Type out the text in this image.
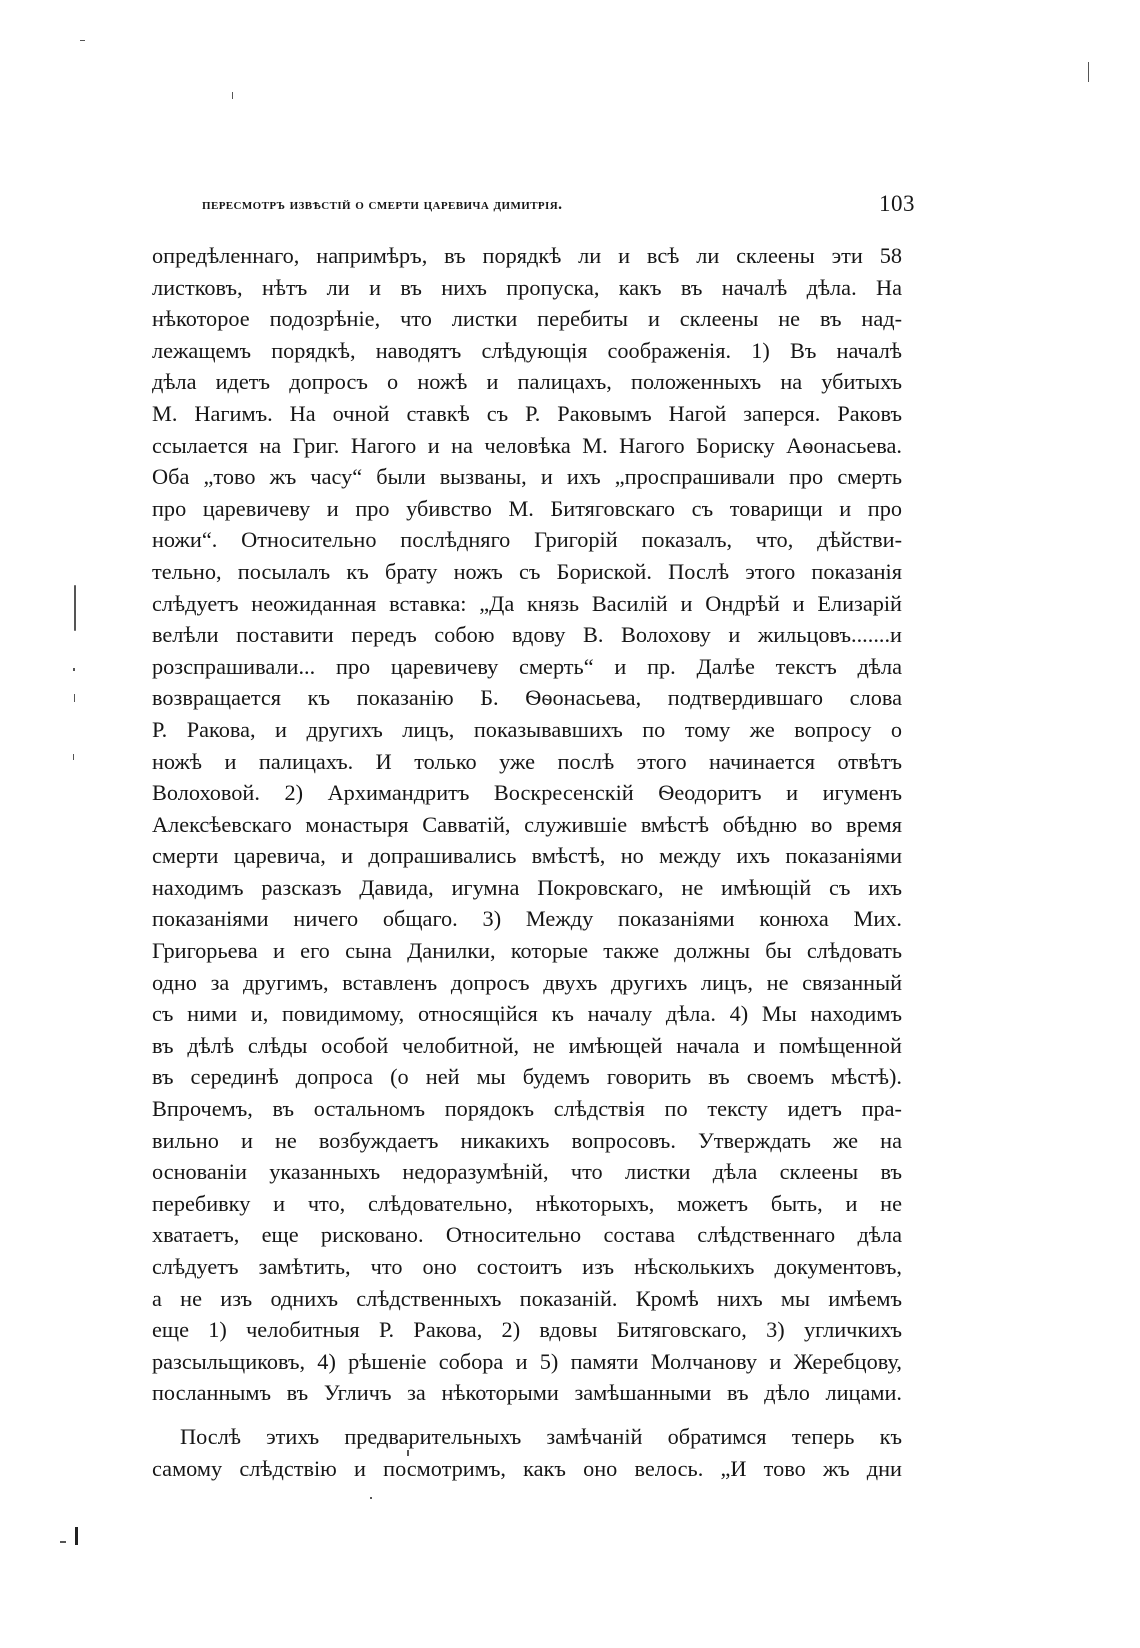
пересмотръ извѣстій о смерти царевича димитрія.	103
опредѣленнаго, напримѣръ, въ порядкѣ ли и всѣ ли склеены эти 58
листковъ, нѣтъ ли и въ нихъ пропуска, какъ въ началѣ дѣла. На
нѣкоторое подозрѣніе, что листки перебиты и склеены не въ над-
лежащемъ порядкѣ, наводятъ слѣдующія соображенія. 1) Въ началѣ
дѣла идетъ допросъ о ножѣ и палицахъ, положенныхъ на убитыхъ
М. Нагимъ. На очной ставкѣ съ Р. Раковымъ Нагой заперся. Раковъ
ссылается на Григ. Нагого и на человѣка М. Нагого Бориску Аѳонасьева.
Оба „тово жъ часу“ были вызваны, и ихъ „проспрашивали про смерть
про царевичеву и про убивство М. Битяговскаго съ товарищи и про
ножи“. Относительно послѣдняго Григорій показалъ, что, дѣйстви-
тельно, посылалъ къ брату ножъ съ Бориской. Послѣ этого показанія
слѣдуетъ неожиданная вставка: „Да князь Василій и Ондрѣй и Елизарій
велѣли поставити передъ собою вдову В. Волохову и жильцовъ.......и
розспрашивали... про царевичеву смерть“ и пр. Далѣе текстъ дѣла
возвращается къ показанію Б. Ѳѳонасьева, подтвердившаго слова
Р. Ракова, и другихъ лицъ, показывавшихъ по тому же вопросу о
ножѣ и палицахъ. И только уже послѣ этого начинается отвѣтъ
Волоховой. 2) Архимандритъ Воскресенскій Ѳеодоритъ и игуменъ
Алексѣевскаго монастыря Савватій, служившіе вмѣстѣ обѣдню во время
смерти царевича, и допрашивались вмѣстѣ, но между ихъ показаніями
находимъ разсказъ Давида, игумна Покровскаго, не имѣющій съ ихъ
показаніями ничего общаго. 3) Между показаніями конюха Мих.
Григорьева и его сына Данилки, которые также должны бы слѣдовать
одно за другимъ, вставленъ допросъ двухъ другихъ лицъ, не связанный
съ ними и, повидимому, относящійся къ началу дѣла. 4) Мы находимъ
въ дѣлѣ слѣды особой челобитной, не имѣющей начала и помѣщенной
въ серединѣ допроса (о ней мы будемъ говорить въ своемъ мѣстѣ).
Впрочемъ, въ остальномъ порядокъ слѣдствія по тексту идетъ пра-
вильно и не возбуждаетъ никакихъ вопросовъ. Утверждать же на
основаніи указанныхъ недоразумѣній, что листки дѣла склеены въ
перебивку и что, слѣдовательно, нѣкоторыхъ, можетъ быть, и не
хватаетъ, еще рисковано. Относительно состава слѣдственнаго дѣла
слѣдуетъ замѣтить, что оно состоитъ изъ нѣсколькихъ документовъ,
а не изъ однихъ слѣдственныхъ показаній. Кромѣ нихъ мы имѣемъ
еще 1) челобитныя Р. Ракова, 2) вдовы Битяговскаго, 3) угличкихъ
разсыльщиковъ, 4) рѣшеніе собора и 5) памяти Молчанову и Жеребцову,
посланнымъ въ Угличъ за нѣкоторыми замѣшанными въ дѣло лицами.
Послѣ этихъ предварительныхъ замѣчаній обратимся теперь къ
самому слѣдствію и посмотримъ, какъ оно велось. „И тово жъ дни
